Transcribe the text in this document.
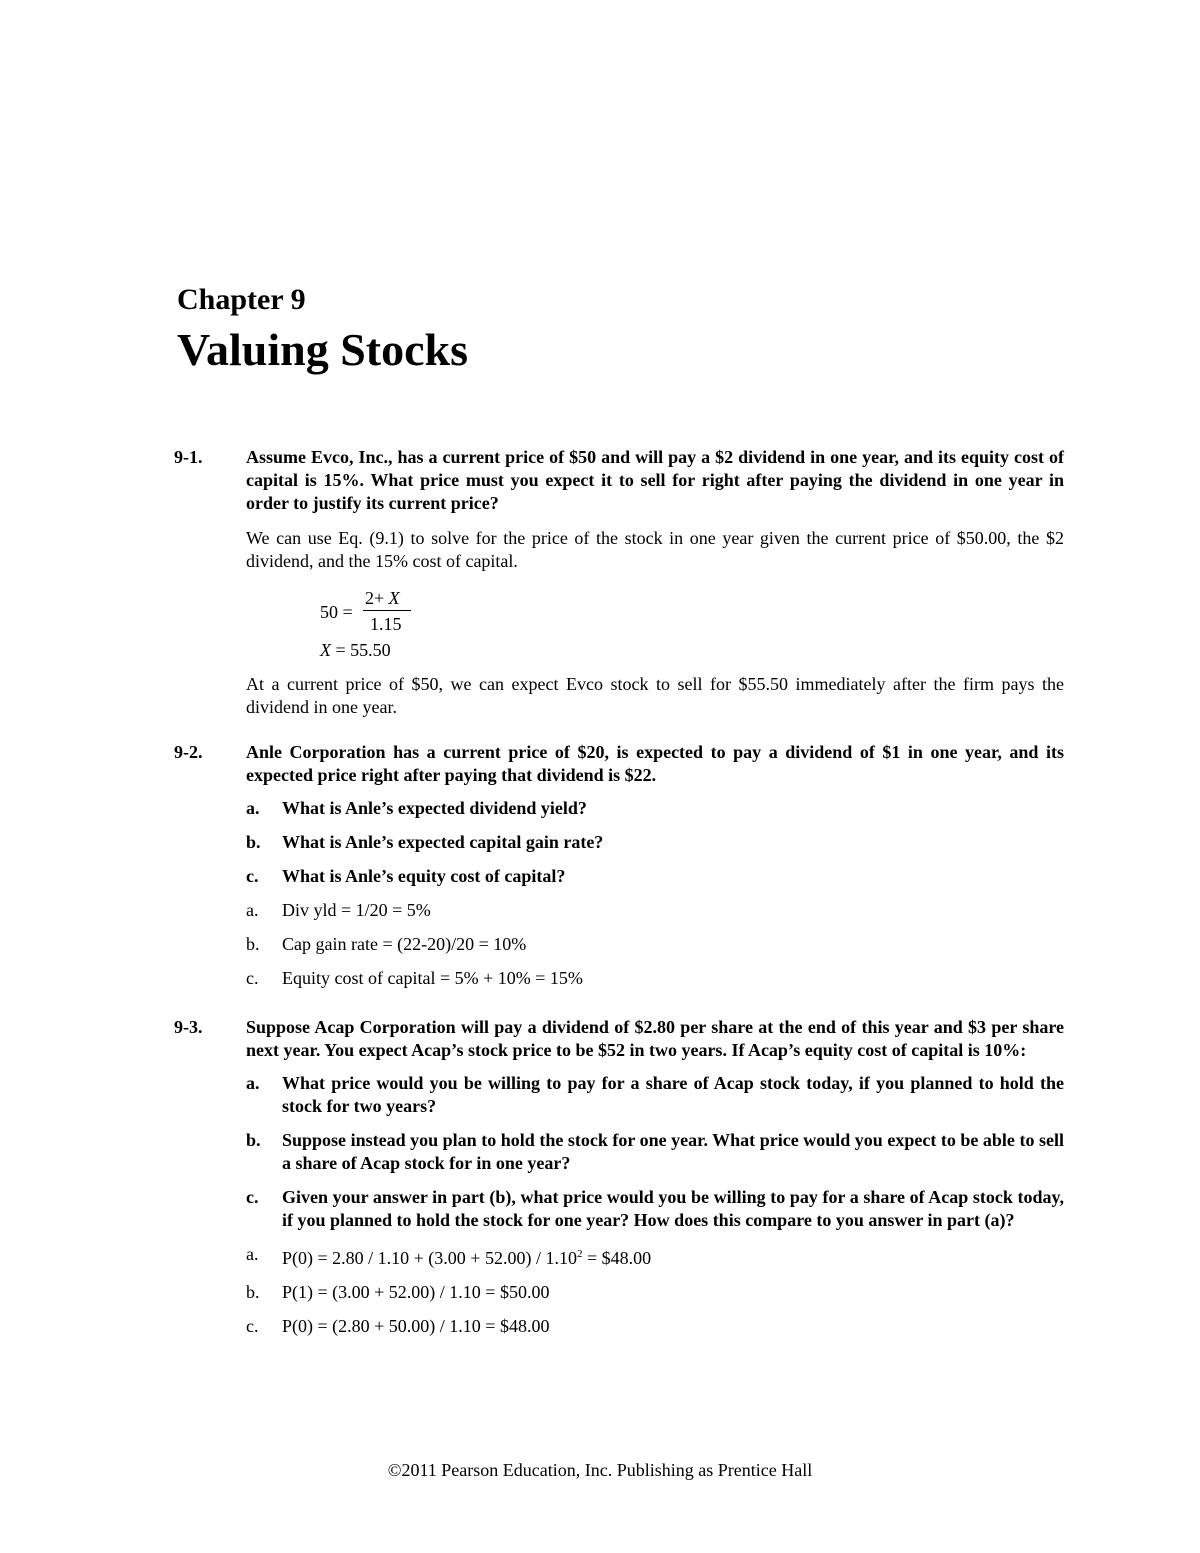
Chapter 9
Valuing Stocks
9-1. Assume Evco, Inc., has a current price of $50 and will pay a $2 dividend in one year, and its equity cost of capital is 15%. What price must you expect it to sell for right after paying the dividend in one year in order to justify its current price?

We can use Eq. (9.1) to solve for the price of the stock in one year given the current price of $50.00, the $2 dividend, and the 15% cost of capital.

50 =
2+ X
1.15
X = 55.50

At a current price of $50, we can expect Evco stock to sell for $55.50 immediately after the firm pays the dividend in one year.

9-2. Anle Corporation has a current price of $20, is expected to pay a dividend of $1 in one year, and its expected price right after paying that dividend is $22.

a. What is Anle’s expected dividend yield?
b. What is Anle’s expected capital gain rate?
c. What is Anle’s equity cost of capital?
a. Div yld = 1/20 = 5%
b. Cap gain rate = (22-20)/20 = 10%
c. Equity cost of capital = 5% + 10% = 15%
9-3. Suppose Acap Corporation will pay a dividend of $2.80 per share at the end of this year and $3 per share next year. You expect Acap’s stock price to be $52 in two years. If Acap’s equity cost of capital is 10%:

a. What price would you be willing to pay for a share of Acap stock today, if you planned to hold the stock for two years?
b. Suppose instead you plan to hold the stock for one year. What price would you expect to be able to sell a share of Acap stock for in one year?
c. Given your answer in part (b), what price would you be willing to pay for a share of Acap stock today, if you planned to hold the stock for one year? How does this compare to you answer in part (a)?
a. $P(0) = 2.80 / 1.10 + (3.00 + 52.00) / 1.10^2$ = $48.00
b. P(1) = (3.00 + 52.00) / 1.10 = $50.00
c. P(0) = (2.80 + 50.00) / 1.10 = $48.00
©2011 Pearson Education, Inc. Publishing as Prentice Hall
